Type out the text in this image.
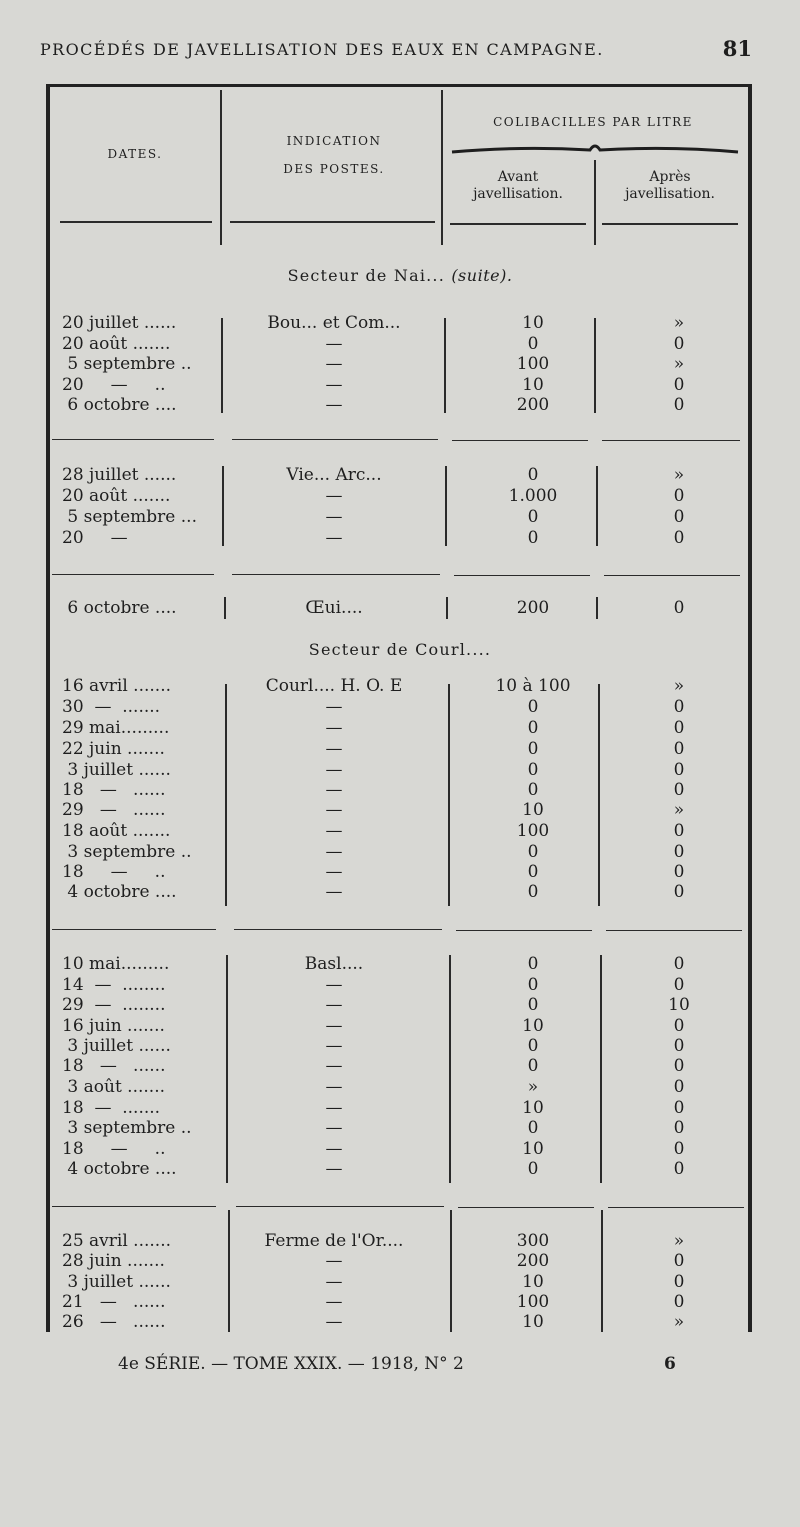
PROCÉDÉS DE JAVELLISATION DES EAUX EN CAMPAGNE.	81
DATES.
INDICATION
DES POSTES.
COLIBACILLES PAR LITRE
Avant
javellisation.
Après
javellisation.
Secteur de Nai... (suite).
Secteur de Courl....
20 juillet ......	Bou... et Com...	10	»
20 août .......	—	0	0
5 septembre ..	—	100	»
20     —     ..	—	10	0
6 octobre ....	—	200	0
28 juillet ......	Vie... Arc...	0	»
20 août .......	—	1.000	0
5 septembre ...	—	0	0
20     —	—	0	0
6 octobre ....	Œui....	200	0
16 avril .......	Courl.... H. O. E	10 à 100	»
30  —  .......	—	0	0
29 mai.........	—	0	0
22 juin .......	—	0	0
3 juillet ......	—	0	0
18   —   ......	—	0	0
29   —   ......	—	10	»
18 août .......	—	100	0
3 septembre ..	—	0	0
18     —     ..	—	0	0
4 octobre ....	—	0	0
10 mai.........	Basl....	0	0
14  —  ........	—	0	0
29  —  ........	—	0	10
16 juin .......	—	10	0
3 juillet ......	—	0	0
18   —   ......	—	0	0
3 août .......	—	»	0
18  —  .......	—	10	0
3 septembre ..	—	0	0
18     —     ..	—	10	0
4 octobre ....	—	0	0
25 avril .......	Ferme de l'Or....	300	»
28 juin .......	—	200	0
3 juillet ......	—	10	0
21   —   ......	—	100	0
26   —   ......	—	10	»
4e SÉRIE. — TOME XXIX. — 1918, N° 2	6
